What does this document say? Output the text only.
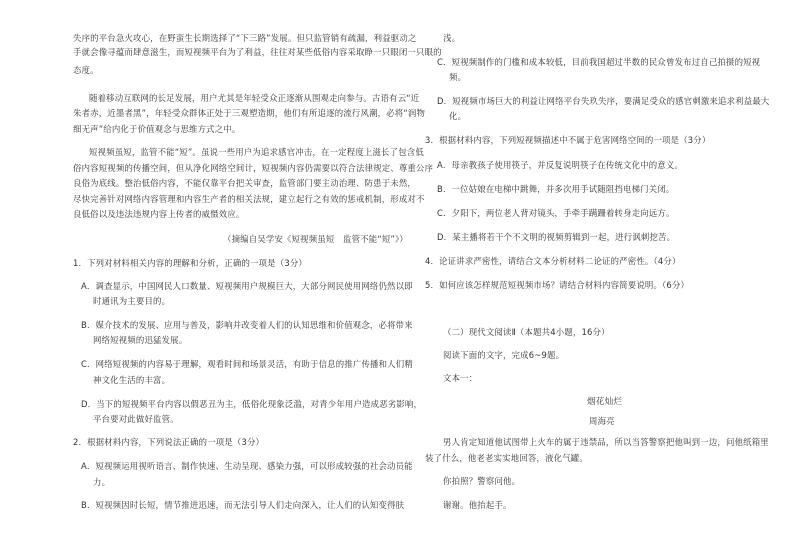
失序的平台急火攻心，在野蛮生长期选择了“下三路”发展。但只监管销有疏漏，利益驱动之
手就会像寻蕴而肆意滋生，而短视频平台为了利益，往往对某些低俗内容采取睁一只眼闭一只眼的
态度。
随着移动互联网的长足发展，用户尤其是年轻受众正逐渐从围观走向参与。古语有云“近
朱者赤，近墨者黑”，年轻受众群体正处于三观塑造期，他们有所追逐的流行风潮，必将“润物
细无声”给内化于价值观念与思维方式之中。
短视频虽短，监管不能“短”。虽说一些用户为追求感官冲击，在一定程度上滋长了包含低
俗内容短视频的传播空间，但从净化网络空间计，短视频内容仍需要以符合法律规定、尊重公序
良俗为底线。整治低俗内容，不能仅靠平台把关审查，监管部门要主动治理、防患于未然，
尽快完善针对网络内容管理和内容生产者的相关法规，建立起行之有效的惩戒机制，形成对不
良低俗以及违法违规内容上传者的威慑效应。
（摘编自吴学安《短视频虽短　监管不能“短”》）
1．下列对材料相关内容的理解和分析，正确的一项是（3分）
A．调查显示，中国网民人口数量、短视频用户规模巨大，大部分网民使用网络仍然以即
时通讯为主要目的。
B．媒介技术的发展、应用与普及，影响并改变着人们的认知思维和价值观念，必将带来
网络短视频的迅猛发展。
C．网络短视频的内容易于理解，观看时间和场景灵活，有助于信息的推广传播和人们精
神文化生活的丰富。
D．当下的短视频平台内容以假恶丑为主，低俗化现象泛滥，对青少年用户造成恶劣影响，
平台要对此做好监管。
2．根据材料内容，下列说法正确的一项是（3分）
A．短视频运用视听语言、制作快速、生动呈现、感染力强，可以形成较强的社会动员能
力。
B．短视频因时长短，情节推进迅速，而无法引导人们走向深入，让人们的认知变得肤
浅。
C．短视频制作的门槛和成本较低，目前我国超过半数的民众曾发布过自己拍摄的短视
频。
D．短视频市场巨大的利益让网络平台失玖失序，要满足受众的感官刺激来追求利益最大
化。
3．根据材料内容，下列短视频描述中不属于危害网络空间的一项是（3分）
A．母亲教孩子使用筷子，并反复说明筷子在传统文化中的意义。
B．一位姑娘在电梯中跳舞，并多次用手试随阻挡电梯门关闭。
C．夕阳下，两位老人背对镜头，手牵手蹒跚着转身走向远方。
D．某主播将若干个不文明的视频剪辑到一起，进行讽刺挖苦。
4．论证讲求严密性，请结合文本分析材料二论证的严密性。（4分）
5．如何应该怎样规范短视频市场？请结合材料内容简要说明。（6分）
（二）现代文阅读Ⅱ（本题共4小题，16分）
阅读下面的文字，完成6~9题。
文本一：
烟花灿烂
周海亮
男人肯定知道他试图带上火车的属于违禁品，所以当答警察把他叫到一边，问他纸箱里
装了什么，他老老实实地回答，液化气罐。
你拍照？警察问他。
谢谢。他抬起手。
